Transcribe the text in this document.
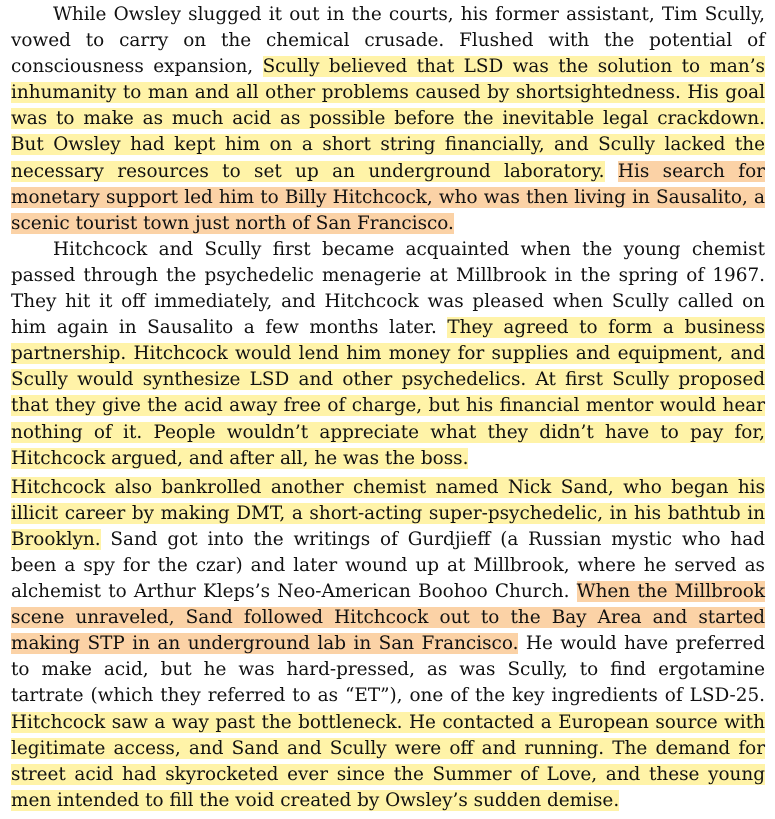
While Owsley slugged it out in the courts, his former assistant, Tim Scully, vowed to carry on the chemical crusade. Flushed with the potential of consciousness expansion, Scully believed that LSD was the solution to man’s inhumanity to man and all other problems caused by shortsightedness. His goal was to make as much acid as possible before the inevitable legal crackdown. But Owsley had kept him on a short string financially, and Scully lacked the necessary resources to set up an underground laboratory. His search for monetary support led him to Billy Hitchcock, who was then living in Sausalito, a scenic tourist town just north of San Francisco.

Hitchcock and Scully first became acquainted when the young chemist passed through the psychedelic menagerie at Millbrook in the spring of 1967. They hit it off immediately, and Hitchcock was pleased when Scully called on him again in Sausalito a few months later. They agreed to form a business partnership. Hitchcock would lend him money for supplies and equipment, and Scully would synthesize LSD and other psychedelics. At first Scully proposed that they give the acid away free of charge, but his financial mentor would hear nothing of it. People wouldn’t appreciate what they didn’t have to pay for, Hitchcock argued, and after all, he was the boss.

Hitchcock also bankrolled another chemist named Nick Sand, who began his illicit career by making DMT, a short-acting super-psychedelic, in his bathtub in Brooklyn. Sand got into the writings of Gurdjieff (a Russian mystic who had been a spy for the czar) and later wound up at Millbrook, where he served as alchemist to Arthur Kleps’s Neo-American Boohoo Church. When the Millbrook scene unraveled, Sand followed Hitchcock out to the Bay Area and started making STP in an underground lab in San Francisco. He would have preferred to make acid, but he was hard-pressed, as was Scully, to find ergotamine tartrate (which they referred to as “ET”), one of the key ingredients of LSD-25. Hitchcock saw a way past the bottleneck. He contacted a European source with legitimate access, and Sand and Scully were off and running. The demand for street acid had skyrocketed ever since the Summer of Love, and these young men intended to fill the void created by Owsley’s sudden demise.
